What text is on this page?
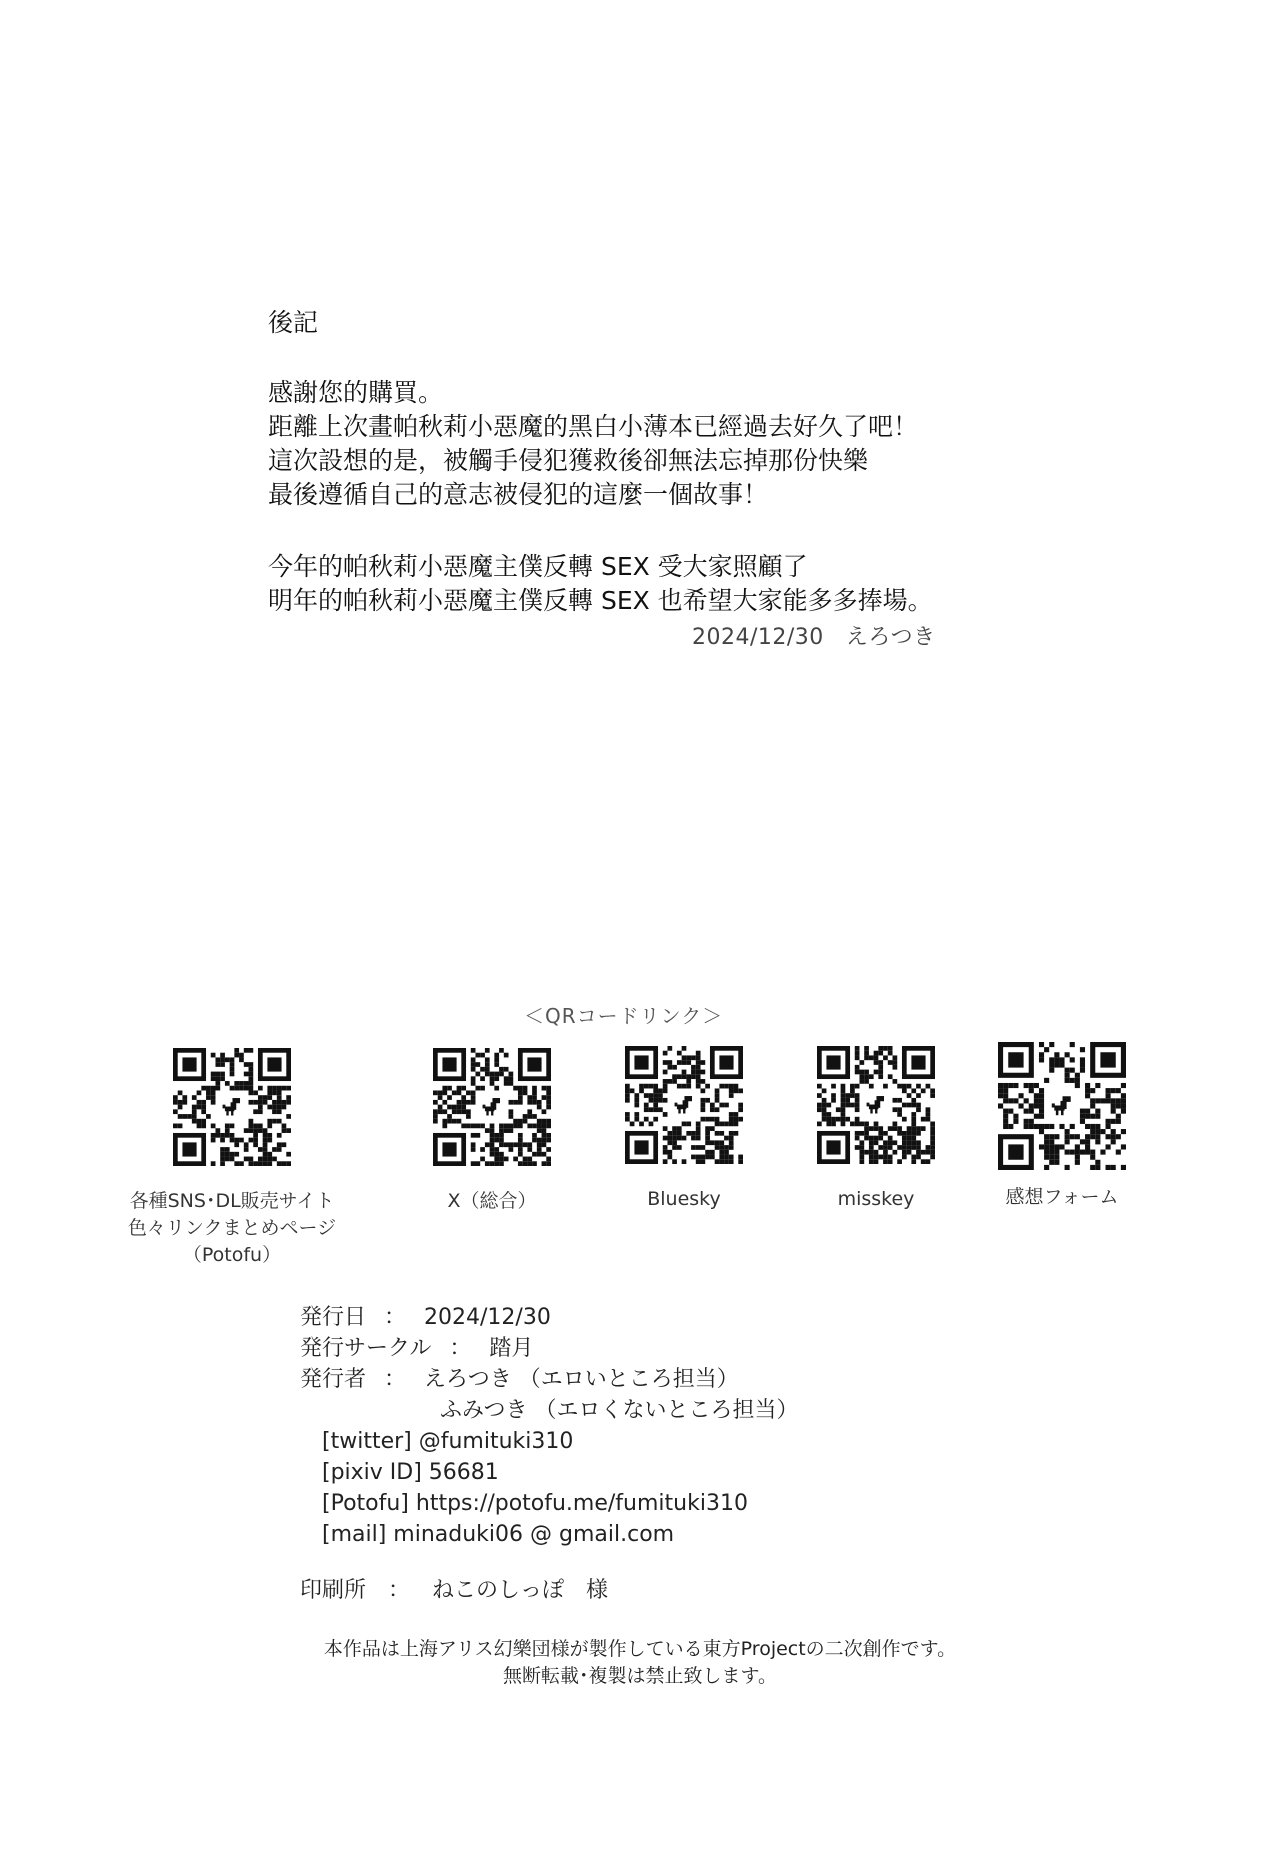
後記

感謝您的購買。
距離上次畫帕秋莉小惡魔的黑白小薄本已經過去好久了吧！
這次設想的是，被觸手侵犯獲救後卻無法忘掉那份快樂
最後遵循自己的意志被侵犯的這麼一個故事！

今年的帕秋莉小惡魔主僕反轉 SEX 受大家照顧了
明年的帕秋莉小惡魔主僕反轉 SEX 也希望大家能多多捧場。

2024/12/30 えろつき
＜QRコードリンク＞
各種SNS･DL販売サイト
色々リンクまとめページ
（Potofu）
X（総合）	Bluesky	misskey	感想フォーム
発行日 ： 2024/12/30
発行サークル ： 踏月
発行者 ： えろつき （エロいところ担当）
ふみつき （エロくないところ担当）
[twitter] @fumituki310
[pixiv ID] 56681
[Potofu] https://potofu.me/fumituki310
[mail] minaduki06 @ gmail.com
印刷所 ： ねこのしっぽ　様
本作品は上海アリス幻樂団様が製作している東方Projectの二次創作です。
無断転載･複製は禁止致します。
